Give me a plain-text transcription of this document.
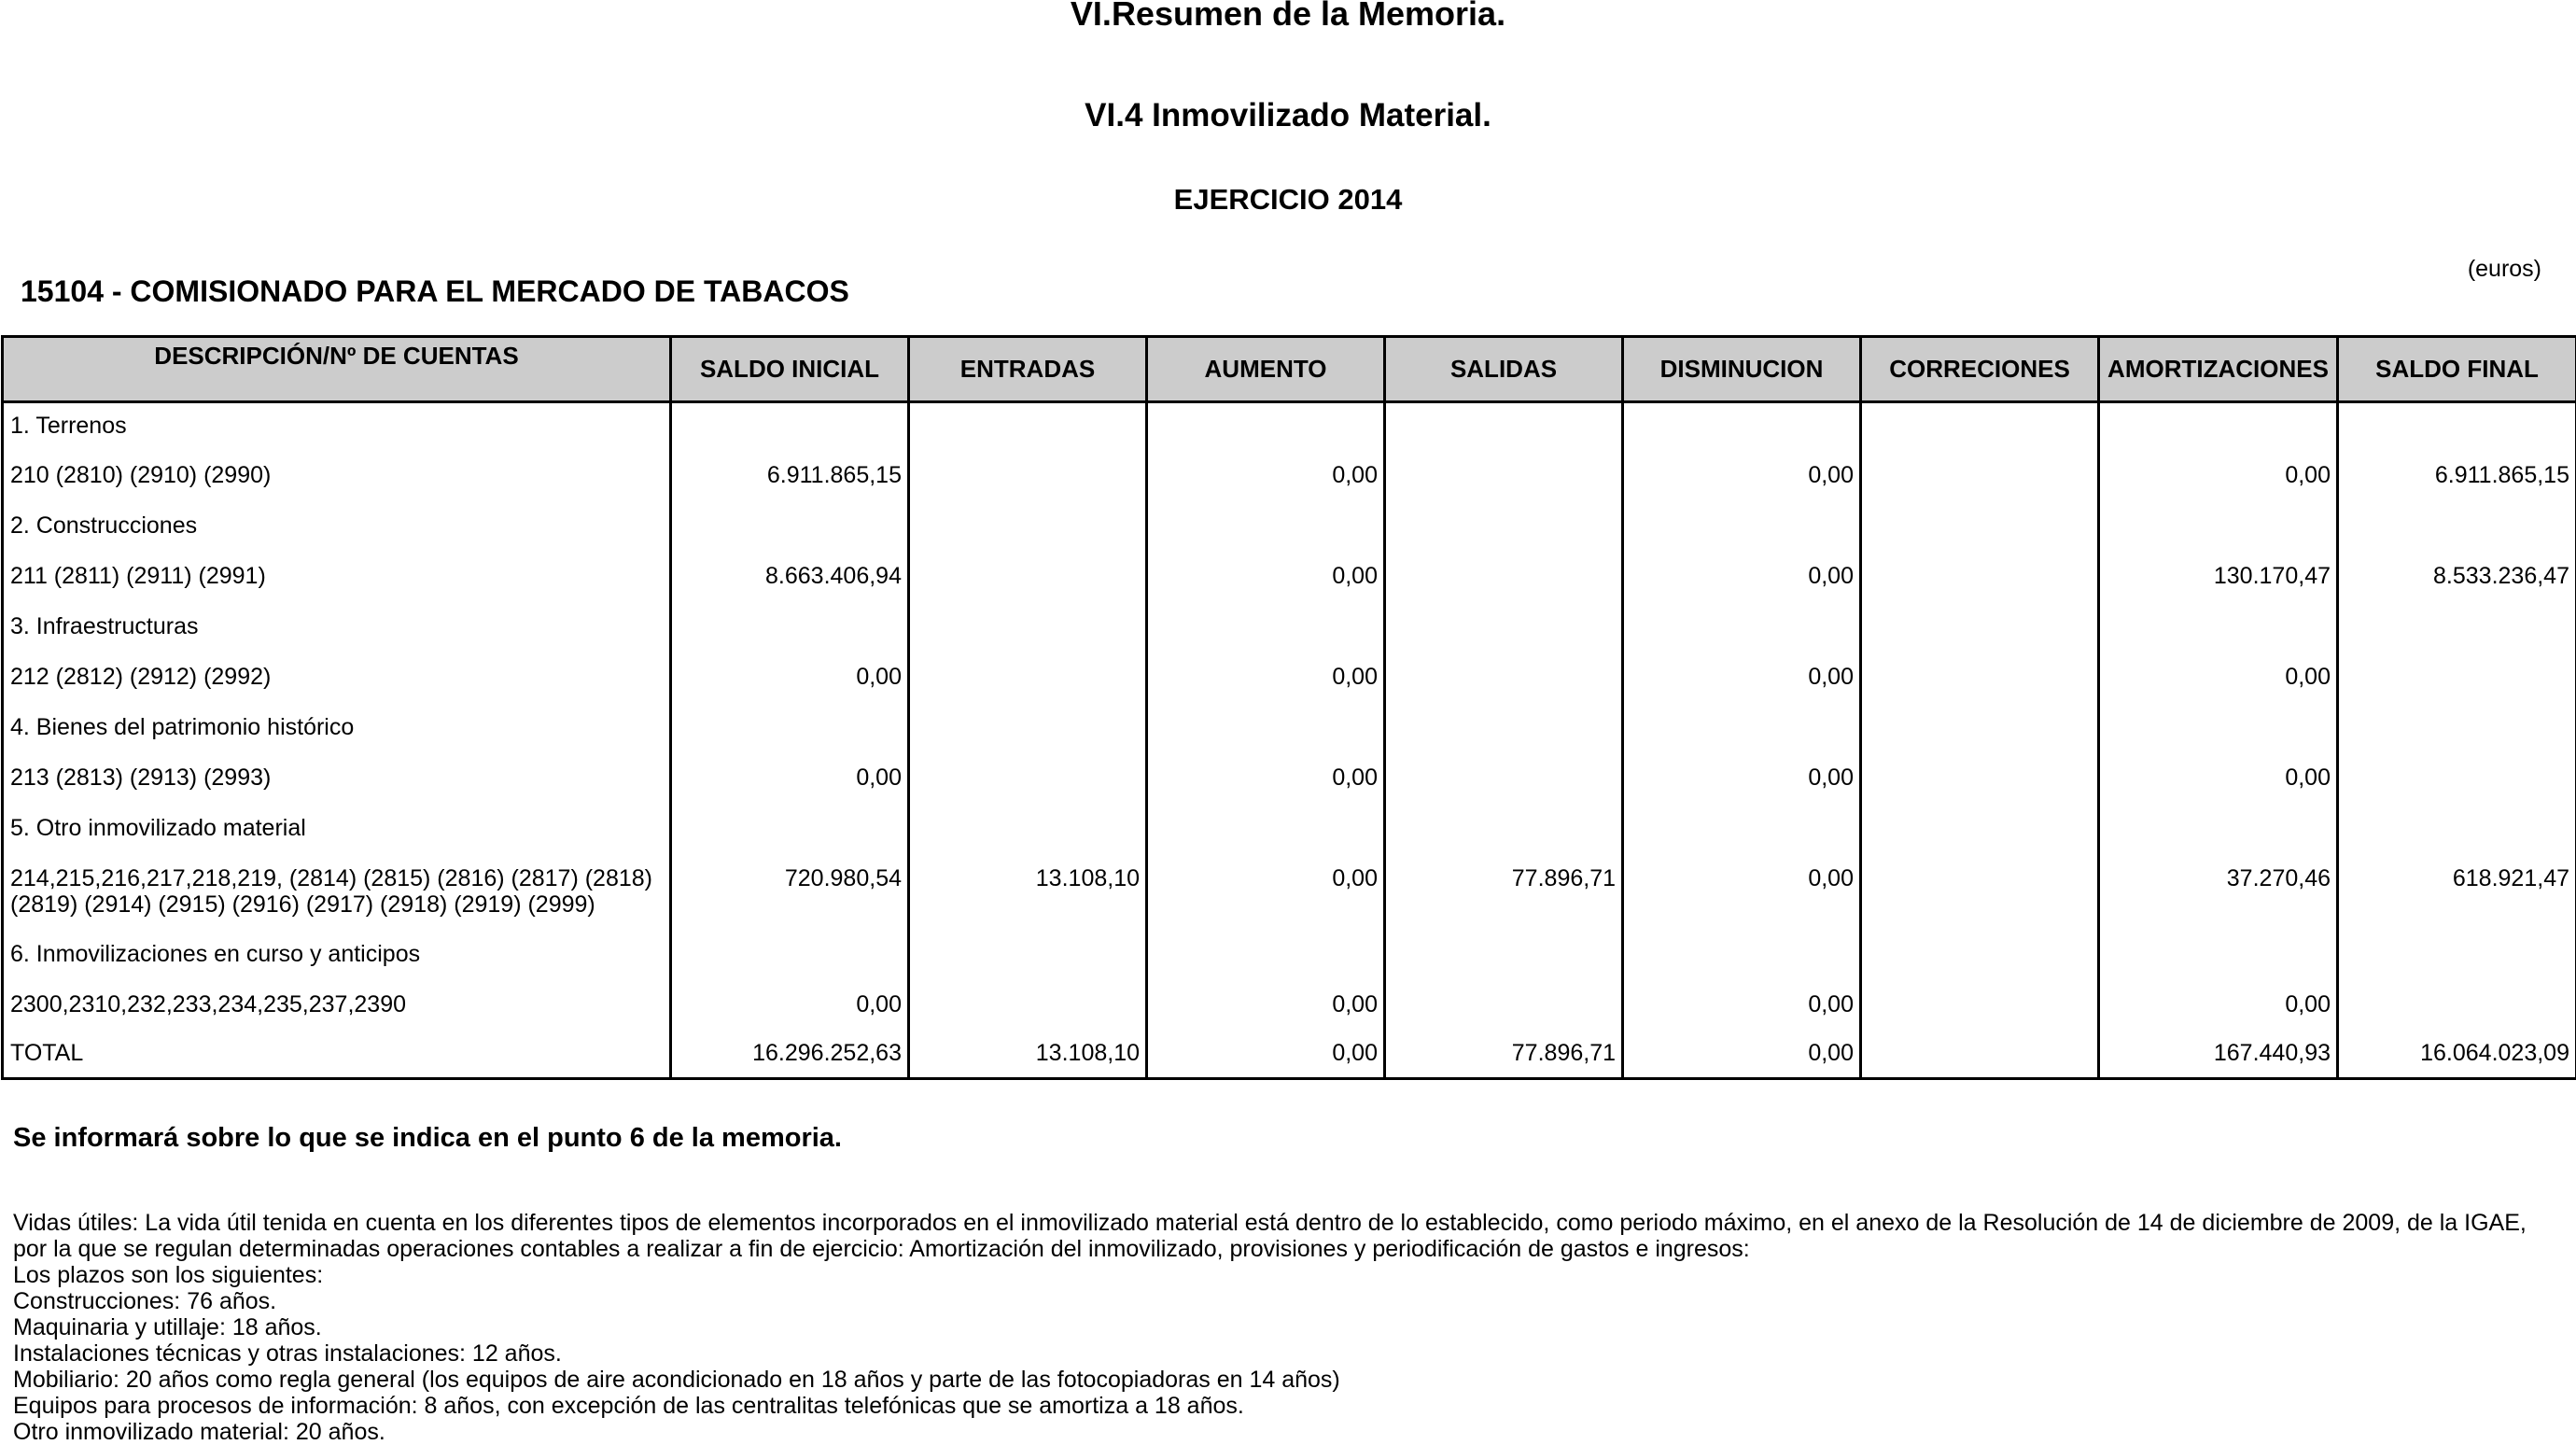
VI.Resumen de la Memoria.
VI.4 Inmovilizado Material.
EJERCICIO 2014
(euros)
15104 - COMISIONADO PARA EL MERCADO DE TABACOS
DESCRIPCIÓN/Nº DE CUENTAS	SALDO INICIAL	ENTRADAS	AUMENTO	SALIDAS	DISMINUCION	CORRECIONES	AMORTIZACIONES	SALDO FINAL
1. Terrenos								
210 (2810) (2910) (2990)	6.911.865,15		0,00		0,00		0,00	6.911.865,15
2. Construcciones								
211 (2811) (2911) (2991)	8.663.406,94		0,00		0,00		130.170,47	8.533.236,47
3. Infraestructuras								
212 (2812) (2912) (2992)	0,00		0,00		0,00		0,00	
4. Bienes del patrimonio histórico								
213 (2813) (2913) (2993)	0,00		0,00		0,00		0,00	
5. Otro inmovilizado material								

214,215,216,217,218,219, (2814) (2815) (2816) (2817) (2818)
(2819) (2914) (2915) (2916) (2917) (2918) (2919) (2999)	720.980,54	13.108,10	0,00	77.896,71	0,00		37.270,46	618.921,47
6. Inmovilizaciones en curso y anticipos								
2300,2310,232,233,234,235,237,2390	0,00		0,00		0,00		0,00	
TOTAL	16.296.252,63	13.108,10	0,00	77.896,71	0,00		167.440,93	16.064.023,09
Se informará sobre lo que se indica en el punto 6 de la memoria.
Vidas útiles: La vida útil tenida en cuenta en los diferentes tipos de elementos incorporados en el inmovilizado material está dentro de lo establecido, como periodo máximo, en el anexo de la Resolución de 14 de diciembre de 2009, de la IGAE,
por la que se regulan determinadas operaciones contables a realizar a fin de ejercicio: Amortización del inmovilizado, provisiones y periodificación de gastos e ingresos:
Los plazos son los siguientes:
Construcciones: 76 años.
Maquinaria y utillaje: 18 años.
Instalaciones técnicas y otras instalaciones: 12 años.
Mobiliario: 20 años como regla general (los equipos de aire acondicionado en 18 años y parte de las fotocopiadoras en 14 años)
Equipos para procesos de información: 8 años, con excepción de las centralitas telefónicas que se amortiza a 18 años.
Otro inmovilizado material: 20 años.
